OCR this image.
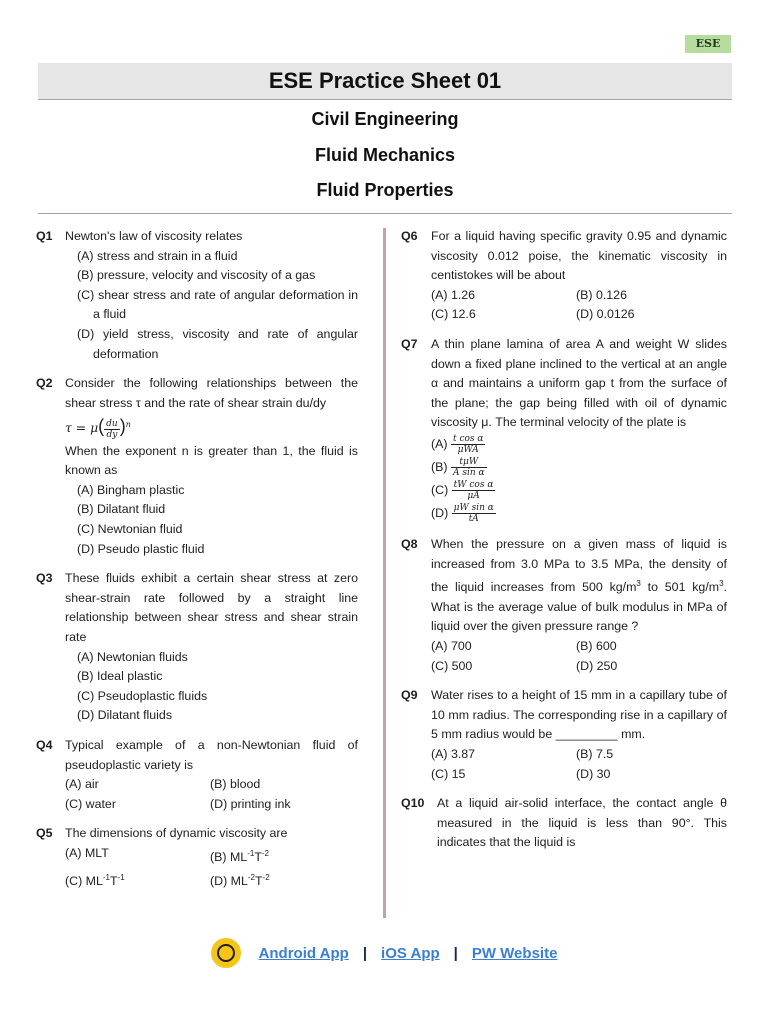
ESE
ESE Practice Sheet 01
Civil Engineering
Fluid Mechanics
Fluid Properties
Q1	Newton's law of viscosity relates
(A) stress and strain in a fluid
(B) pressure, velocity and viscosity of a gas
(C) shear stress and rate of angular deformation in a fluid
(D) yield stress, viscosity and rate of angular deformation
Q2	Consider the following relationships between the shear stress τ and the rate of shear strain du/dy
$\tau = \mu( \frac{du}{dy} )^n$
When the exponent n is greater than 1, the fluid is known as
(A) Bingham plastic
(B) Dilatant fluid
(C) Newtonian fluid
(D) Pseudo plastic fluid
Q3	These fluids exhibit a certain shear stress at zero shear-strain rate followed by a straight line relationship between shear stress and shear strain rate
(A) Newtonian fluids
(B) Ideal plastic
(C) Pseudoplastic fluids
(D) Dilatant fluids
Q4	Typical example of a non-Newtonian fluid of pseudoplastic variety is
(A) air	(B) blood
(C) water	(D) printing ink
Q5	The dimensions of dynamic viscosity are
(A) MLT	(B) $ML^{-1}T^{-2}$
(C) $ML^{-1}T^{-1}$	(D) $ML^{-2}T^{-2}$
Q6	For a liquid having specific gravity 0.95 and dynamic viscosity 0.012 poise, the kinematic viscosity in centistokes will be about
(A) 1.26	(B) 0.126
(C) 12.6	(D) 0.0126
Q7	A thin plane lamina of area A and weight W slides down a fixed plane inclined to the vertical at an angle α and maintains a uniform gap t from the surface of the plane; the gap being filled with oil of dynamic viscosity μ. The terminal velocity of the plate is
$(A) \frac{\text{t cos α}}{\text{μWA}}$
$(B) \frac{\text{tμW}}{\text{A sin α}}$
$(C) \frac{\text{tW cos α}}{\mu A}$
$(D) \frac{\text{μW sin α}}{tA}$
Q8	When the pressure on a given mass of liquid is increased from 3.0 MPa to 3.5 MPa, the density of the liquid increases from 500 $kg/m^3$ to 501 $kg/m^3$. What is the average value of bulk modulus in MPa of liquid over the given pressure range ?
(A) 700	(B) 600
(C) 500	(D) 250
Q9	Water rises to a height of 15 mm in a capillary tube of 10 mm radius. The corresponding rise in a capillary of 5 mm radius would be _________ mm.
(A) 3.87	(B) 7.5
(C) 15	(D) 30
Q10	At a liquid air-solid interface, the contact angle θ measured in the liquid is less than 90°. This indicates that the liquid is
Android App | iOS App | PW Website
